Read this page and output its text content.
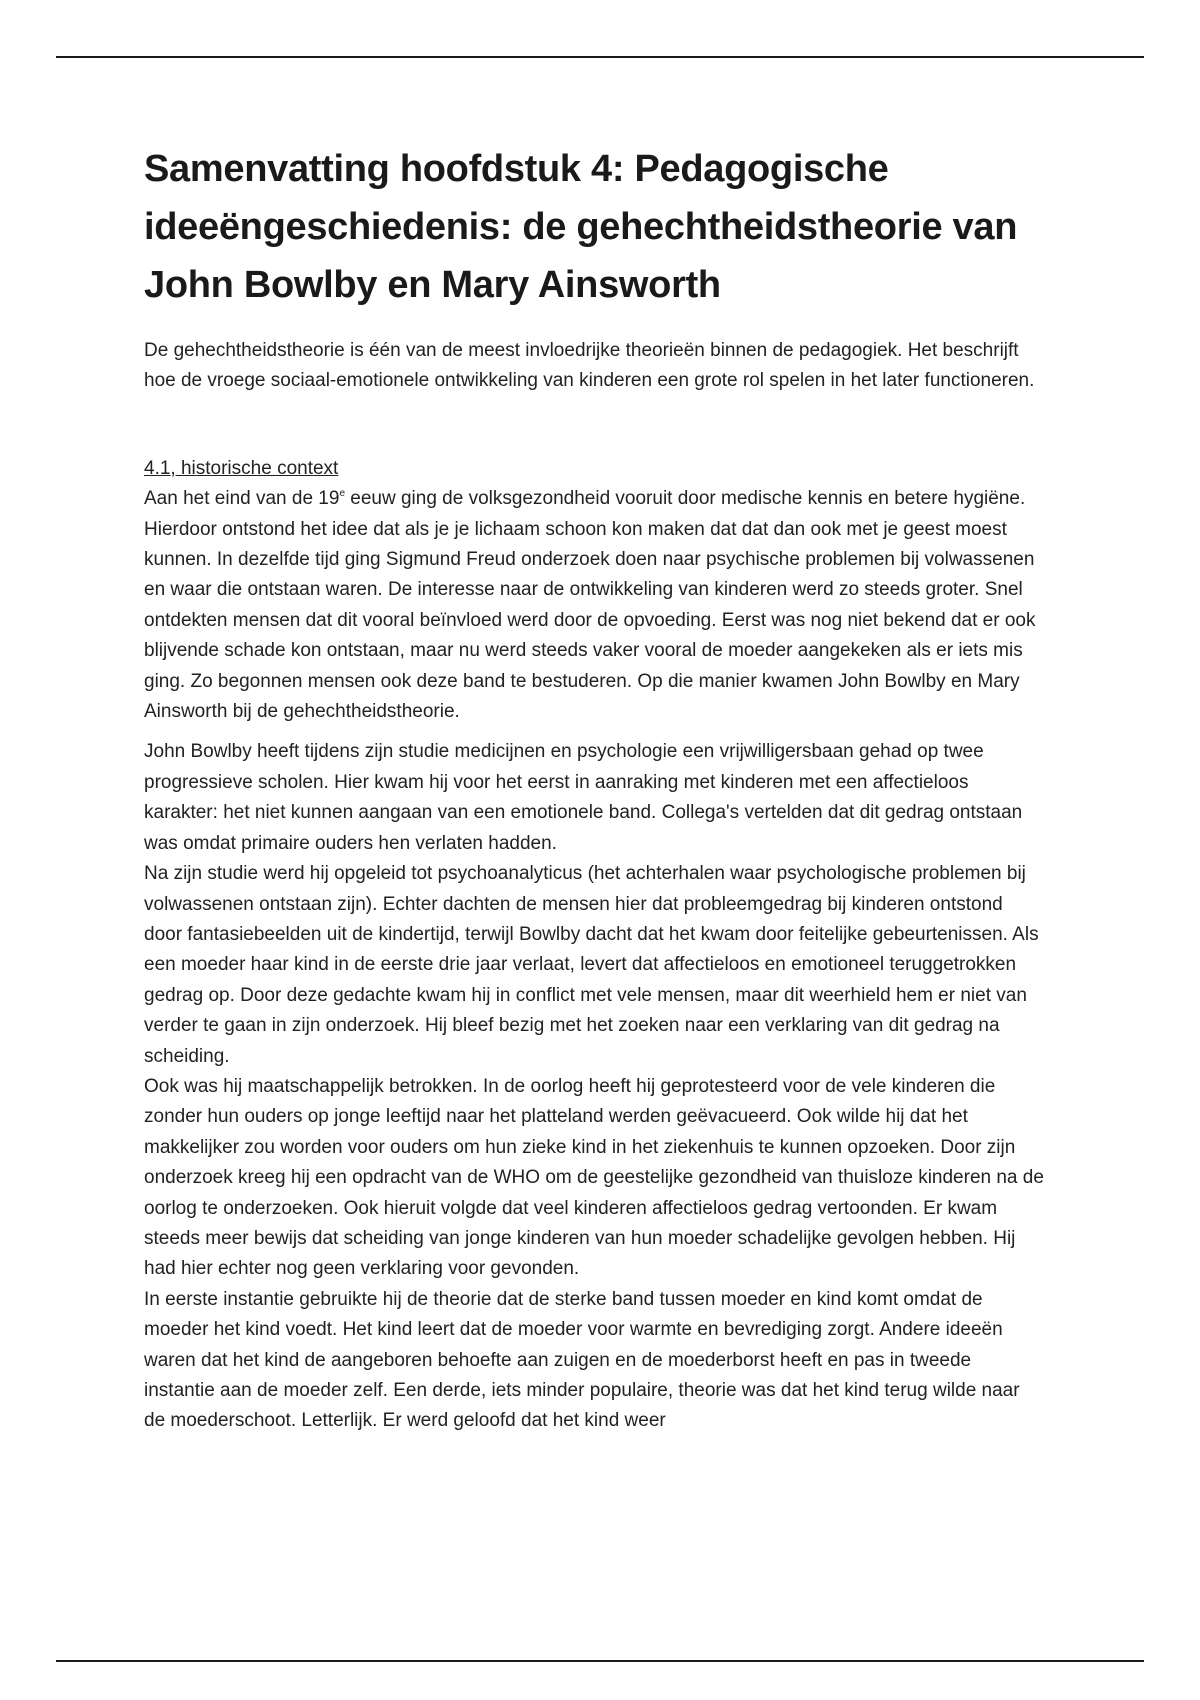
Samenvatting hoofdstuk 4: Pedagogische ideeëngeschiedenis: de gehechtheidstheorie van John Bowlby en Mary Ainsworth

De gehechtheidstheorie is één van de meest invloedrijke theorieën binnen de pedagogiek. Het beschrijft hoe de vroege sociaal-emotionele ontwikkeling van kinderen een grote rol spelen in het later functioneren.

4.1, historische context

Aan het eind van de 19e eeuw ging de volksgezondheid vooruit door medische kennis en betere hygiëne. Hierdoor ontstond het idee dat als je je lichaam schoon kon maken dat dat dan ook met je geest moest kunnen. In dezelfde tijd ging Sigmund Freud onderzoek doen naar psychische problemen bij volwassenen en waar die ontstaan waren. De interesse naar de ontwikkeling van kinderen werd zo steeds groter. Snel ontdekten mensen dat dit vooral beïnvloed werd door de opvoeding. Eerst was nog niet bekend dat er ook blijvende schade kon ontstaan, maar nu werd steeds vaker vooral de moeder aangekeken als er iets mis ging. Zo begonnen mensen ook deze band te bestuderen. Op die manier kwamen John Bowlby en Mary Ainsworth bij de gehechtheidstheorie.

John Bowlby heeft tijdens zijn studie medicijnen en psychologie een vrijwilligersbaan gehad op twee progressieve scholen. Hier kwam hij voor het eerst in aanraking met kinderen met een affectieloos karakter: het niet kunnen aangaan van een emotionele band. Collega's vertelden dat dit gedrag ontstaan was omdat primaire ouders hen verlaten hadden.

Na zijn studie werd hij opgeleid tot psychoanalyticus (het achterhalen waar psychologische problemen bij volwassenen ontstaan zijn). Echter dachten de mensen hier dat probleemgedrag bij kinderen ontstond door fantasiebeelden uit de kindertijd, terwijl Bowlby dacht dat het kwam door feitelijke gebeurtenissen. Als een moeder haar kind in de eerste drie jaar verlaat, levert dat affectieloos en emotioneel teruggetrokken gedrag op. Door deze gedachte kwam hij in conflict met vele mensen, maar dit weerhield hem er niet van verder te gaan in zijn onderzoek. Hij bleef bezig met het zoeken naar een verklaring van dit gedrag na scheiding.

Ook was hij maatschappelijk betrokken. In de oorlog heeft hij geprotesteerd voor de vele kinderen die zonder hun ouders op jonge leeftijd naar het platteland werden geëvacueerd. Ook wilde hij dat het makkelijker zou worden voor ouders om hun zieke kind in het ziekenhuis te kunnen opzoeken. Door zijn onderzoek kreeg hij een opdracht van de WHO om de geestelijke gezondheid van thuisloze kinderen na de oorlog te onderzoeken. Ook hieruit volgde dat veel kinderen affectieloos gedrag vertoonden. Er kwam steeds meer bewijs dat scheiding van jonge kinderen van hun moeder schadelijke gevolgen hebben. Hij had hier echter nog geen verklaring voor gevonden.

In eerste instantie gebruikte hij de theorie dat de sterke band tussen moeder en kind komt omdat de moeder het kind voedt. Het kind leert dat de moeder voor warmte en bevrediging zorgt. Andere ideeën waren dat het kind de aangeboren behoefte aan zuigen en de moederborst heeft en pas in tweede instantie aan de moeder zelf. Een derde, iets minder populaire, theorie was dat het kind terug wilde naar de moederschoot. Letterlijk. Er werd geloofd dat het kind weer
